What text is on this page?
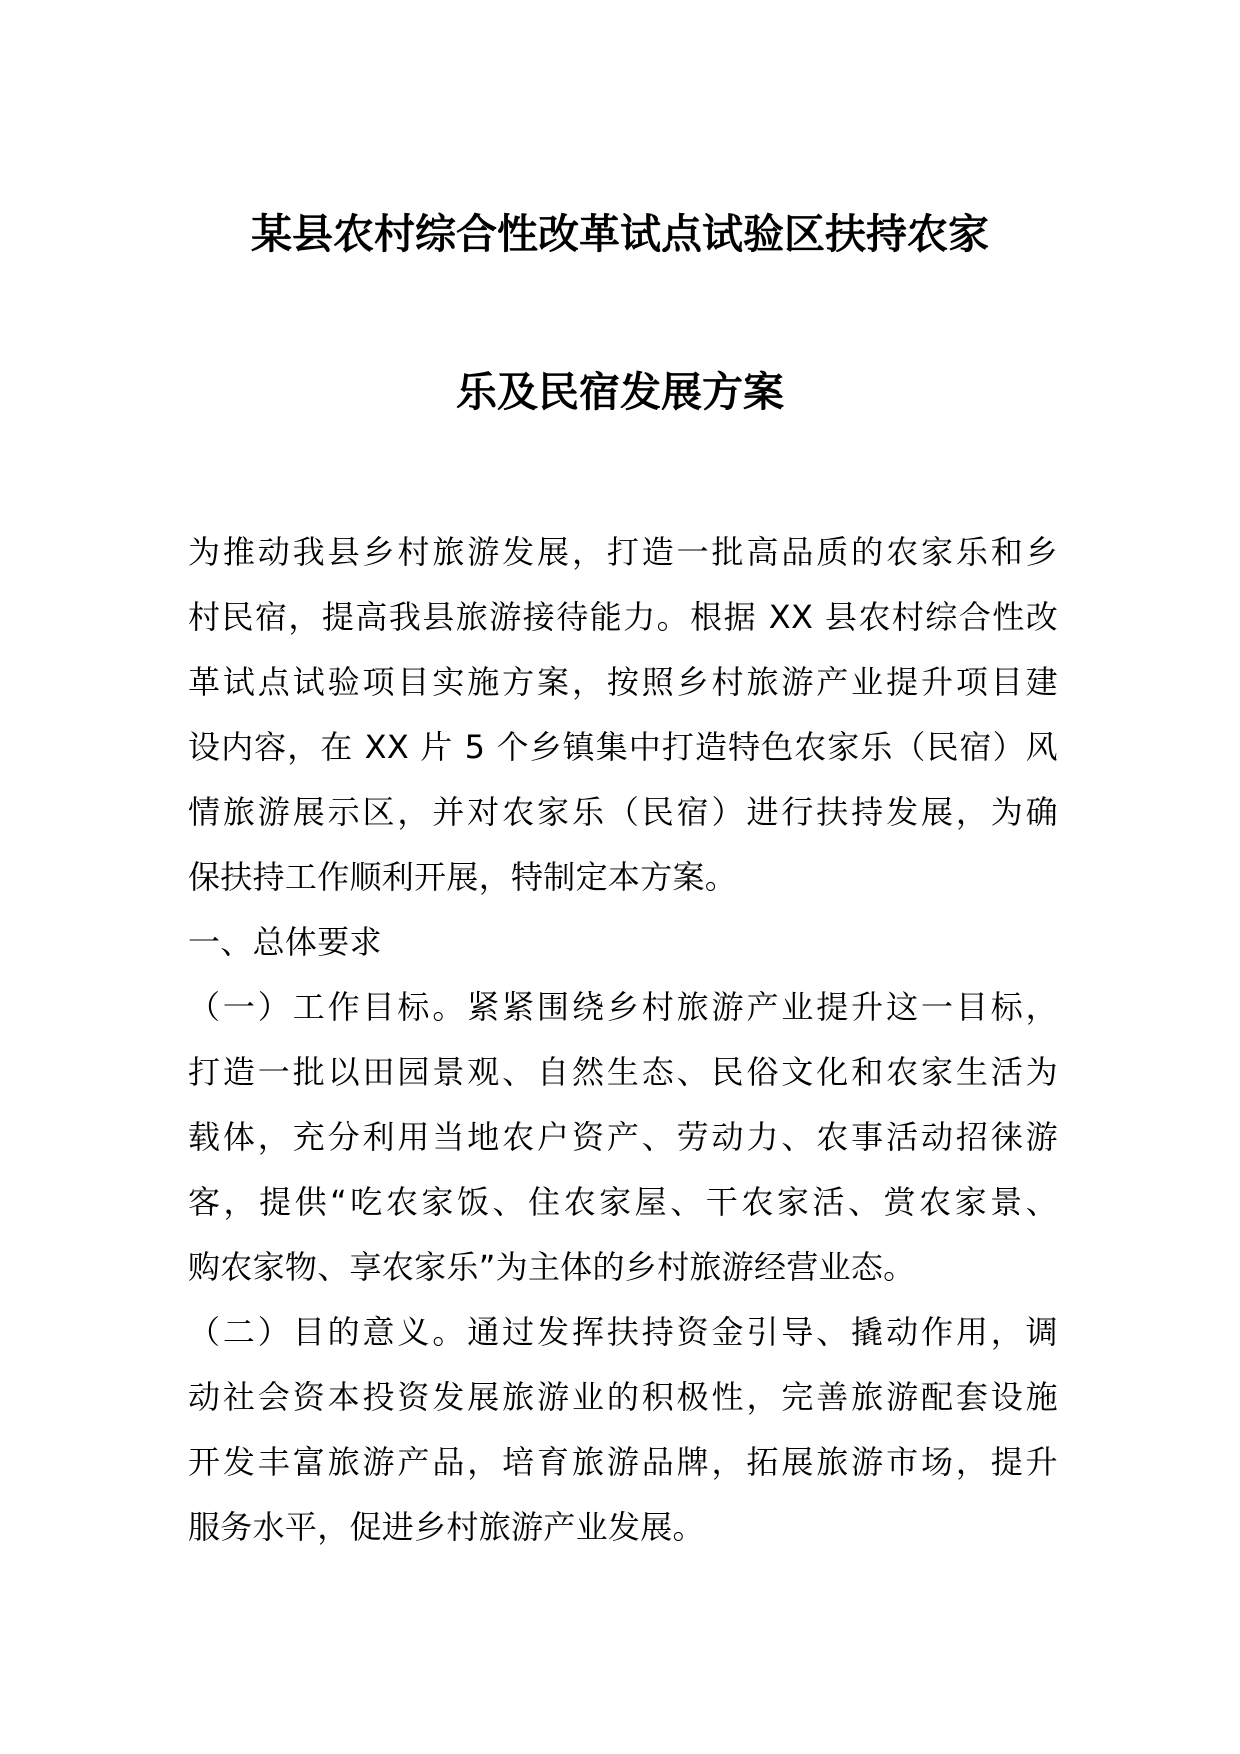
某县农村综合性改革试点试验区扶持农家
乐及民宿发展方案
为推动我县乡村旅游发展，打造一批高品质的农家乐和乡
村民宿，提高我县旅游接待能力。根据 XX 县农村综合性改
革试点试验项目实施方案，按照乡村旅游产业提升项目建
设内容，在 XX 片 5 个乡镇集中打造特色农家乐（民宿）风
情旅游展示区，并对农家乐（民宿）进行扶持发展，为确
保扶持工作顺利开展，特制定本方案。
一、总体要求
（一）工作目标。紧紧围绕乡村旅游产业提升这一目标，
打造一批以田园景观、自然生态、民俗文化和农家生活为
载体，充分利用当地农户资产、劳动力、农事活动招徕游
客，提供“吃农家饭、住农家屋、干农家活、赏农家景、
购农家物、享农家乐”为主体的乡村旅游经营业态。
（二）目的意义。通过发挥扶持资金引导、撬动作用，调
动社会资本投资发展旅游业的积极性，完善旅游配套设施
开发丰富旅游产品，培育旅游品牌，拓展旅游市场，提升
服务水平，促进乡村旅游产业发展。
